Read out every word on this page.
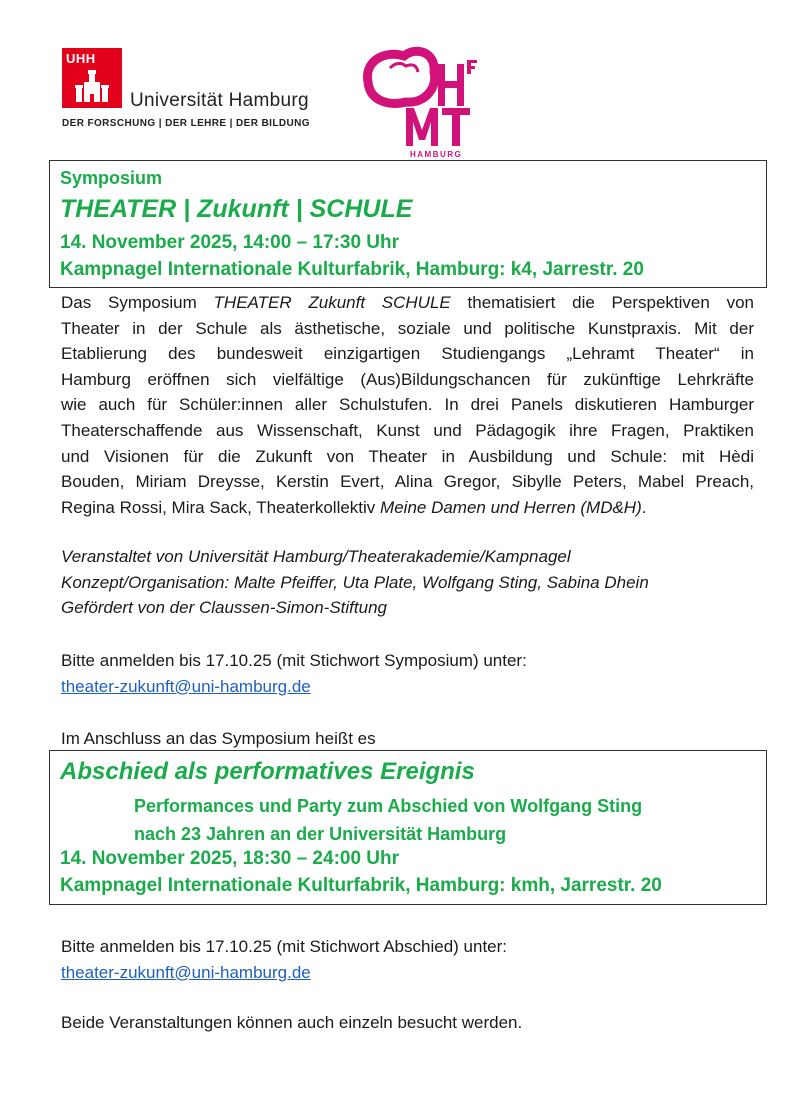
UHH
Universität Hamburg
DER FORSCHUNG | DER LEHRE | DER BILDUNG
HAMBURG
Symposium
THEATER | Zukunft | SCHULE
14. November 2025, 14:00 – 17:30 Uhr
Kampnagel Internationale Kulturfabrik, Hamburg: k4, Jarrestr. 20
Das Symposium THEATER Zukunft SCHULE thematisiert die Perspektiven von
Theater in der Schule als ästhetische, soziale und politische Kunstpraxis. Mit der
Etablierung des bundesweit einzigartigen Studiengangs „Lehramt Theater“ in
Hamburg eröffnen sich vielfältige (Aus)Bildungschancen für zukünftige Lehrkräfte
wie auch für Schüler:innen aller Schulstufen. In drei Panels diskutieren Hamburger
Theaterschaffende aus Wissenschaft, Kunst und Pädagogik ihre Fragen, Praktiken
und Visionen für die Zukunft von Theater in Ausbildung und Schule: mit Hèdi
Bouden, Miriam Dreysse, Kerstin Evert, Alina Gregor, Sibylle Peters, Mabel Preach,
Regina Rossi, Mira Sack, Theaterkollektiv Meine Damen und Herren (MD&H).
Veranstaltet von Universität Hamburg/Theaterakademie/Kampnagel
Konzept/Organisation: Malte Pfeiffer, Uta Plate, Wolfgang Sting, Sabina Dhein
Gefördert von der Claussen-Simon-Stiftung
Bitte anmelden bis 17.10.25 (mit Stichwort Symposium) unter:
theater-zukunft@uni-hamburg.de
Im Anschluss an das Symposium heißt es
Abschied als performatives Ereignis
Performances und Party zum Abschied von Wolfgang Sting
nach 23 Jahren an der Universität Hamburg
14. November 2025, 18:30 – 24:00 Uhr
Kampnagel Internationale Kulturfabrik, Hamburg: kmh, Jarrestr. 20
Bitte anmelden bis 17.10.25 (mit Stichwort Abschied) unter:
theater-zukunft@uni-hamburg.de
Beide Veranstaltungen können auch einzeln besucht werden.
